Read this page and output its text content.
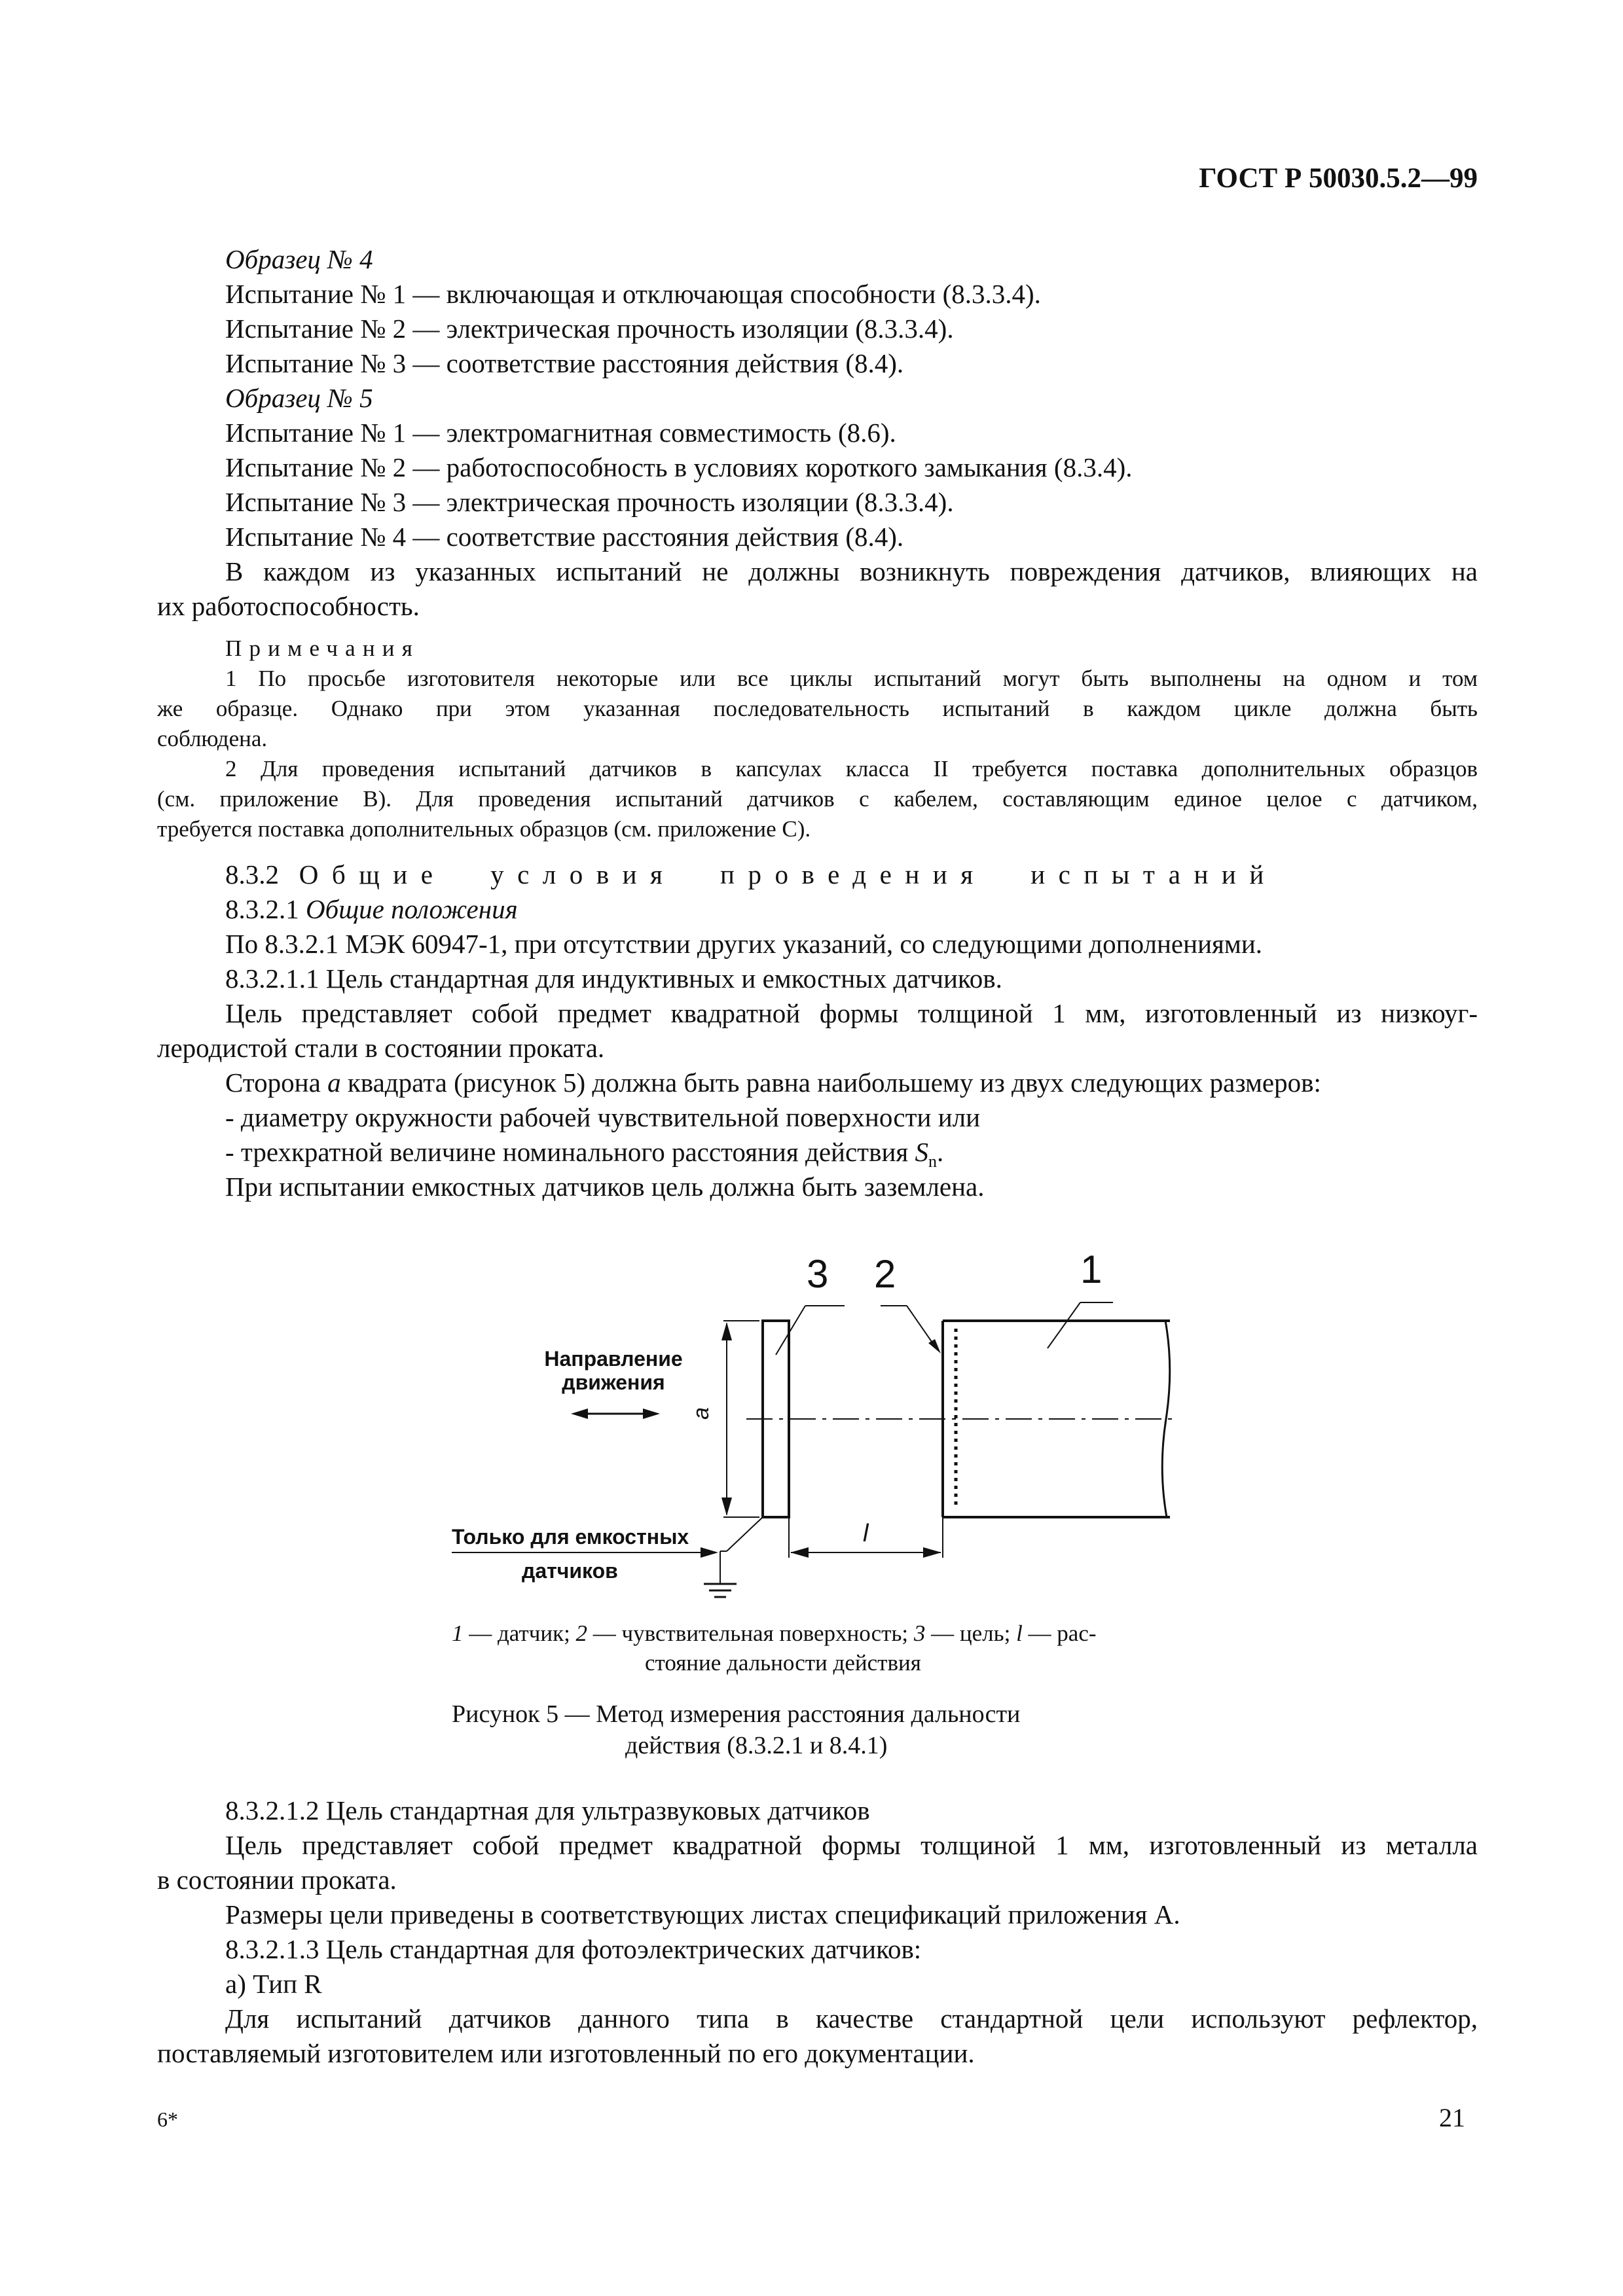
ГОСТ Р 50030.5.2—99
Образец № 4
Испытание № 1 — включающая и отключающая способности (8.3.3.4).
Испытание № 2 — электрическая прочность изоляции (8.3.3.4).
Испытание № 3 — соответствие расстояния действия (8.4).
Образец № 5
Испытание № 1 — электромагнитная совместимость (8.6).
Испытание № 2 — работоспособность в условиях короткого замыкания (8.3.4).
Испытание № 3 — электрическая прочность изоляции (8.3.3.4).
Испытание № 4 — соответствие расстояния действия (8.4).
В каждом из указанных испытаний не должны возникнуть повреждения датчиков, влияющих на
их работоспособность.
Примечания
1 По просьбе изготовителя некоторые или все циклы испытаний могут быть выполнены на одном и том
же образце. Однако при этом указанная последовательность испытаний в каждом цикле должна быть
соблюдена.
2 Для проведения испытаний датчиков в капсулах класса II требуется поставка дополнительных образцов
(см. приложение В). Для проведения испытаний датчиков с кабелем, составляющим единое целое с датчиком,
требуется поставка дополнительных образцов (см. приложение С).
8.3.2 Общие условия проведения испытаний
8.3.2.1 Общие положения
По 8.3.2.1 МЭК 60947-1, при отсутствии других указаний, со следующими дополнениями.
8.3.2.1.1 Цель стандартная для индуктивных и емкостных датчиков.
Цель представляет собой предмет квадратной формы толщиной 1 мм, изготовленный из низкоуг-
леродистой стали в состоянии проката.
Сторона a квадрата (рисунок 5) должна быть равна наибольшему из двух следующих размеров:
- диаметру окружности рабочей чувствительной поверхности или
- трехкратной величине номинального расстояния действия $S_n$.
При испытании емкостных датчиков цель должна быть заземлена.
3 2	1
a
l
Направление
движения
Только для емкостных
датчиков
1 — датчик; 2 — чувствительная поверхность; 3 — цель; l — рас-
стояние дальности действия
Рисунок 5 — Метод измерения расстояния дальности
действия (8.3.2.1 и 8.4.1)
8.3.2.1.2 Цель стандартная для ультразвуковых датчиков
Цель представляет собой предмет квадратной формы толщиной 1 мм, изготовленный из металла
в состоянии проката.
Размеры цели приведены в соответствующих листах спецификаций приложения А.
8.3.2.1.3 Цель стандартная для фотоэлектрических датчиков:
а) Тип R
Для испытаний датчиков данного типа в качестве стандартной цели используют рефлектор,
поставляемый изготовителем или изготовленный по его документации.
6*	21
